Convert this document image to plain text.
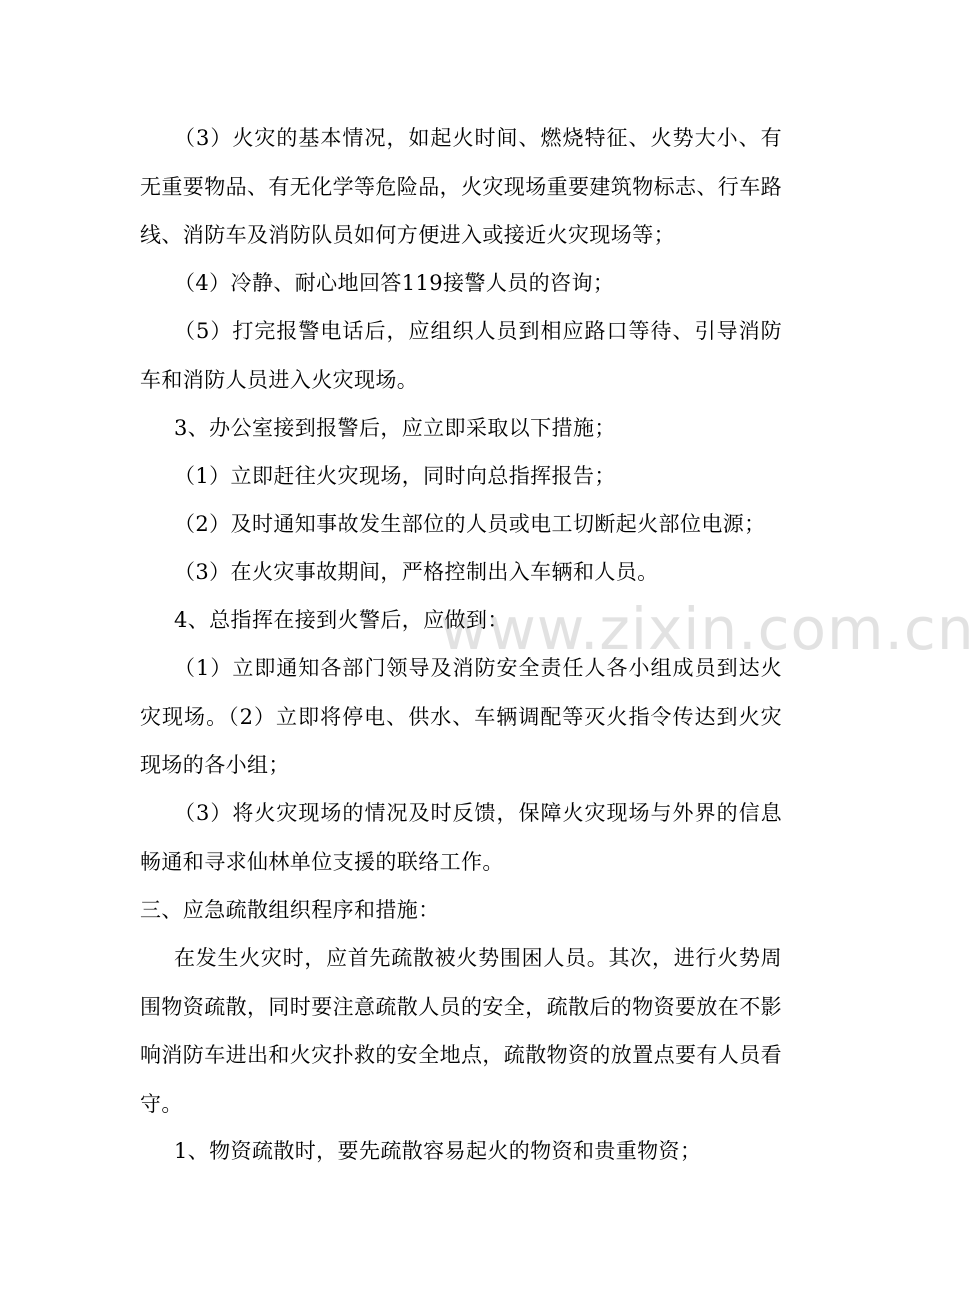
www.zixin.com.cn

（3）火灾的基本情况，如起火时间、燃烧特征、火势大小、有无重要物品、有无化学等危险品，火灾现场重要建筑物标志、行车路线、消防车及消防队员如何方便进入或接近火灾现场等；

（4）冷静、耐心地回答119接警人员的咨询；

（5）打完报警电话后，应组织人员到相应路口等待、引导消防车和消防人员进入火灾现场。

3、办公室接到报警后，应立即采取以下措施；

（1）立即赶往火灾现场，同时向总指挥报告；

（2）及时通知事故发生部位的人员或电工切断起火部位电源；

（3）在火灾事故期间，严格控制出入车辆和人员。

4、总指挥在接到火警后，应做到：

（1）立即通知各部门领导及消防安全责任人各小组成员到达火灾现场。（2）立即将停电、供水、车辆调配等灭火指令传达到火灾现场的各小组；

（3）将火灾现场的情况及时反馈，保障火灾现场与外界的信息畅通和寻求仙林单位支援的联络工作。

三、应急疏散组织程序和措施：

在发生火灾时，应首先疏散被火势围困人员。其次，进行火势周围物资疏散，同时要注意疏散人员的安全，疏散后的物资要放在不影响消防车进出和火灾扑救的安全地点，疏散物资的放置点要有人员看守。

1、物资疏散时，要先疏散容易起火的物资和贵重物资；
